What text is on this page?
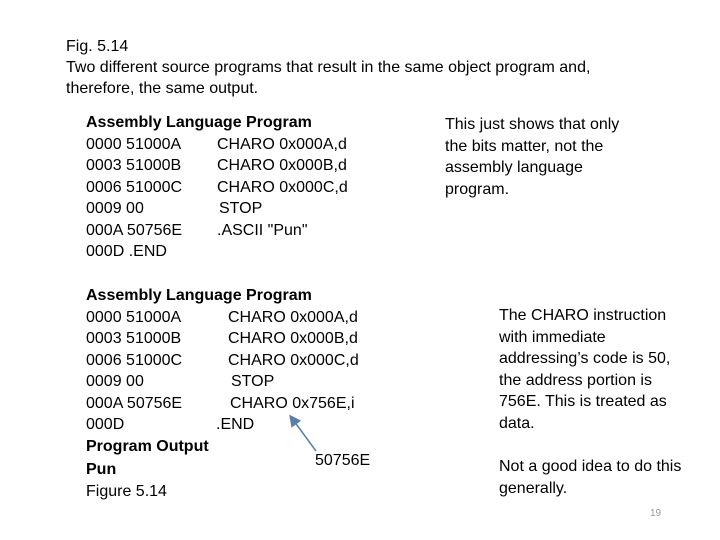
Fig. 5.14
Two different source programs that result in the same object program and,
therefore, the same output.
Assembly Language Program
0000 51000A CHARO 0x000A,d
0003 51000B CHARO 0x000B,d
0006 51000C CHARO 0x000C,d
0009 00	STOP
000A 50756E .ASCII "Pun"
000D .END
This just shows that only
the bits matter, not the
assembly language
program.
Assembly Language Program
0000 51000A	CHARO 0x000A,d
0003 51000B	CHARO 0x000B,d
0006 51000C	CHARO 0x000C,d
0009 00	STOP
000A 50756E	CHARO 0x756E,i
000D	.END
Program Output
Pun
Figure 5.14
50756E
The CHARO instruction
with immediate
addressing’s code is 50,
the address portion is
756E. This is treated as
data.
Not a good idea to do this
generally.
19
